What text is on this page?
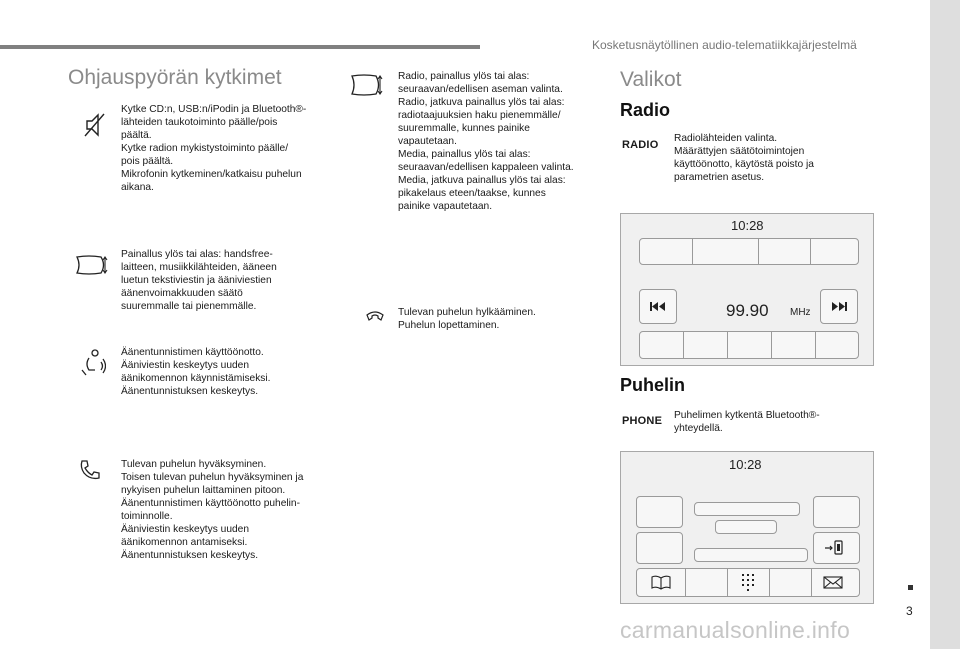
Kosketusnäytöllinen audio-telematiikkajärjestelmä
Ohjauspyörän kytkimet
Kytke CD:n, USB:n/iPodin ja Bluetooth®-
lähteiden taukotoiminto päälle/pois
päältä.
Kytke radion mykistystoiminto päälle/
pois päältä.
Mikrofonin kytkeminen/katkaisu puhelun
aikana.
Painallus ylös tai alas: handsfree-
laitteen, musiikkilähteiden, ääneen
luetun tekstiviestin ja ääniviestien
äänenvoimakkuuden säätö
suuremmalle tai pienemmälle.
Äänentunnistimen käyttöönotto.
Ääniviestin keskeytys uuden
äänikomennon käynnistämiseksi.
Äänentunnistuksen keskeytys.
Tulevan puhelun hyväksyminen.
Toisen tulevan puhelun hyväksyminen ja
nykyisen puhelun laittaminen pitoon.
Äänentunnistimen käyttöönotto puhelin-
toiminnolle.
Ääniviestin keskeytys uuden
äänikomennon antamiseksi.
Äänentunnistuksen keskeytys.
Radio, painallus ylös tai alas:
seuraavan/edellisen aseman valinta.
Radio, jatkuva painallus ylös tai alas:
radiotaajuuksien haku pienemmälle/
suuremmalle, kunnes painike
vapautetaan.
Media, painallus ylös tai alas:
seuraavan/edellisen kappaleen valinta.
Media, jatkuva painallus ylös tai alas:
pikakelaus eteen/taakse, kunnes
painike vapautetaan.
Tulevan puhelun hylkääminen.
Puhelun lopettaminen.
Valikot
Radio
RADIO
Radiolähteiden valinta.
Määrättyjen säätötoimintojen
käyttöönotto, käytöstä poisto ja
parametrien asetus.
10:28
99.90 MHz
Puhelin
PHONE Puhelimen kytkentä Bluetooth®-
yhteydellä.
10:28
3
carmanualsonline.info
